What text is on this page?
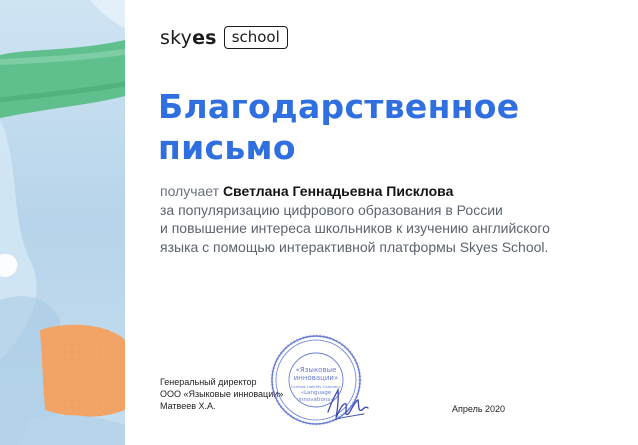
skyes	school
Благодарственное
письмо
получает Светлана Геннадьевна Писклова
за популяризацию цифрового образования в России
и повышение интереса школьников к изучению английского
языка с помощью интерактивной платформы Skyes School.
Генеральный директор
ООО «Языковые инновации»
Матвеев Х.А.
«Языковые
инновации»
Limited Liability Company
«Language
innovations»
Апрель 2020
